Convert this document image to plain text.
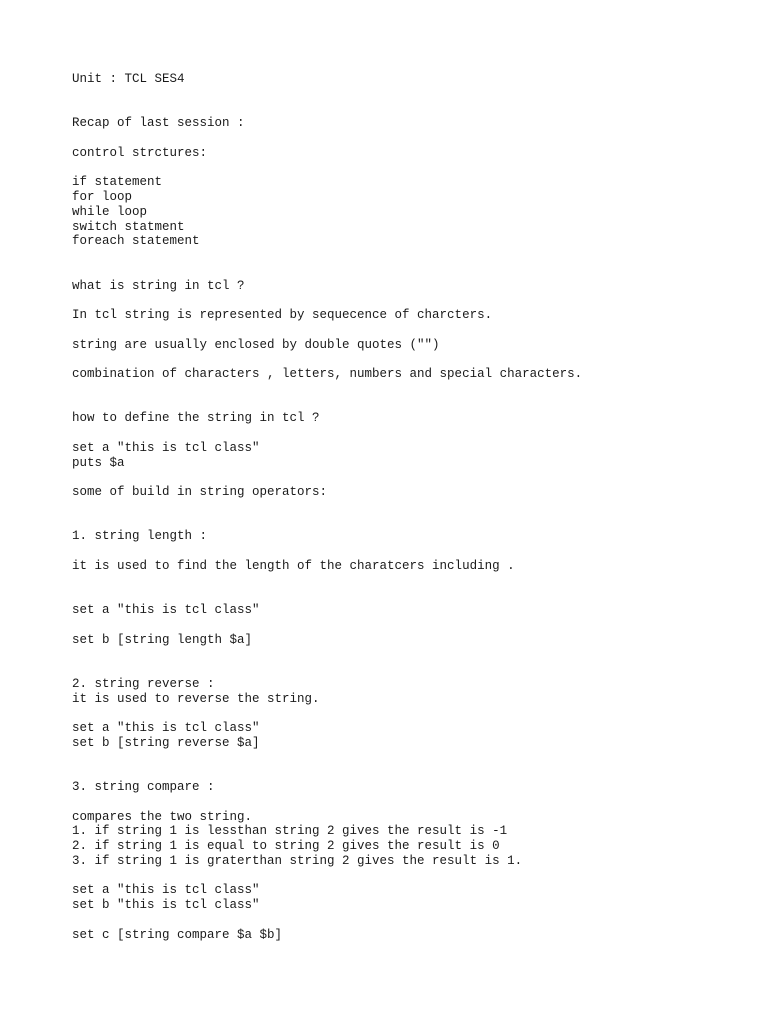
Unit : TCL SES4
Recap of last session :
control strctures:
if statement
for loop
while loop
switch statment
foreach statement
what is string in tcl ?
In tcl string is represented by sequecence of charcters.
string are usually enclosed by double quotes ("")
combination of characters , letters, numbers and special characters.
how to define the string in tcl ?
set a "this is tcl class"
puts $a
some of build in string operators:
1. string length :
it is used to find the length of the charatcers including .
set a "this is tcl class"
set b [string length $a]
2. string reverse :
it is used to reverse the string.
set a "this is tcl class"
set b [string reverse $a]
3. string compare :
compares the two string.
1. if string 1 is lessthan string 2 gives the result is -1
2. if string 1 is equal to string 2 gives the result is 0
3. if string 1 is graterthan string 2 gives the result is 1.
set a "this is tcl class"
set b "this is tcl class"
set c [string compare $a $b]
